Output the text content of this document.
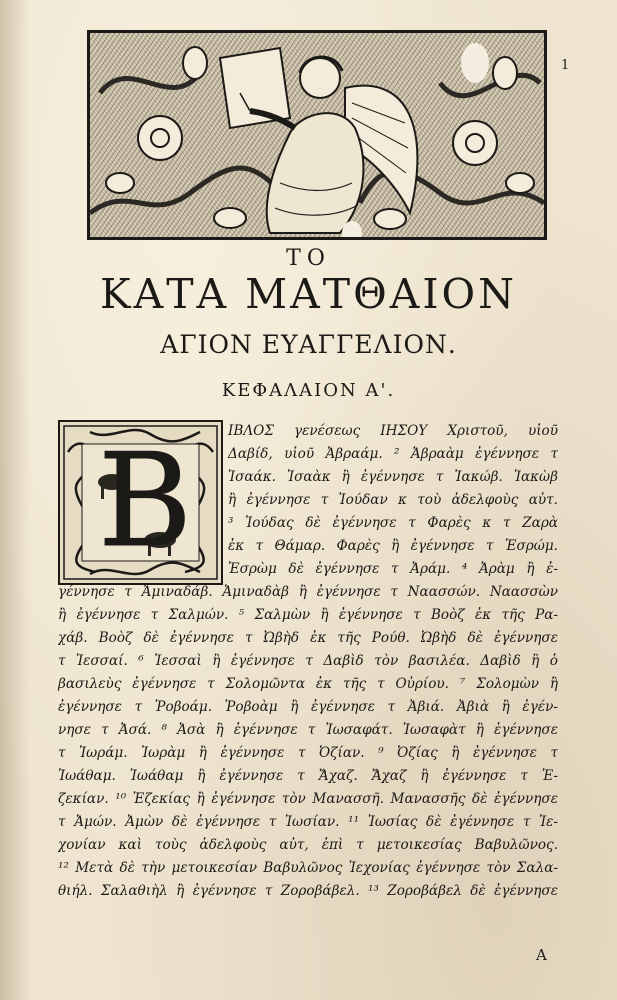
1
ΤΟ
ΚΑΤΑ ΜΑΤΘΑΙΟΝ
ΑΓΙΟΝ ΕΥΑΓΓΕΛΙΟΝ.
ΚΕΦΑΛΑΙΟΝ Α'.
B	ΙΒΛΟΣ γενέσεως ΙΗΣΟΥ Χριστοῦ, υἱοῦ
Δαβίδ, υἱοῦ Ἀβραάμ. ² Ἀβραὰμ ἐγέννησε τ
Ἰσαάκ. Ἰσαὰκ ἢ ἐγέννησε τ Ἰακώβ. Ἰακὼβ
ἢ ἐγέννησε τ Ἰούδαν κ τοὺ ἀδελφοὺς αὐτ.
³ Ἰούδας δὲ ἐγέννησε τ Φαρὲς κ τ Ζαρὰ
ἐκ τ Θάμαρ. Φαρὲς ἢ ἐγέννησε τ Ἐσρώμ.
Ἐσρὼμ δὲ ἐγέννησε τ Ἀράμ. ⁴ Ἀρὰμ ἢ ἐ-
γέννησε τ Ἀμιναδάβ. Ἀμιναδὰβ ἢ ἐγέννησε τ Ναασσών. Ναασσὼν
ἢ ἐγέννησε τ Σαλμών. ⁵ Σαλμὼν ἢ ἐγέννησε τ Βοὸζ ἐκ τῆς Ρα-
χάβ. Βοὸζ δὲ ἐγέννησε τ Ὠβὴδ ἐκ τῆς Ρούθ. Ὠβὴδ δὲ ἐγέννησε
τ Ἰεσσαί. ⁶ Ἰεσσαὶ ἢ ἐγέννησε τ Δαβὶδ τὸν βασιλέα. Δαβὶδ ἢ ὁ
βασιλεὺς ἐγέννησε τ Σολομῶντα ἐκ τῆς τ Οὐρίου. ⁷ Σολομὼν ἢ
ἐγέννησε τ Ῥοβοάμ. Ῥοβοὰμ ἢ ἐγέννησε τ Ἀβιά. Ἀβιὰ ἢ ἐγέν-
νησε τ Ἀσά. ⁸ Ἀσὰ ἢ ἐγέννησε τ Ἰωσαφάτ. Ἰωσαφὰτ ἢ ἐγέννησε
τ Ἰωράμ. Ἰωρὰμ ἢ ἐγέννησε τ Ὀζίαν. ⁹ Ὀζίας ἢ ἐγέννησε τ
Ἰωάθαμ. Ἰωάθαμ ἢ ἐγέννησε τ Ἄχαζ. Ἄχαζ ἢ ἐγέννησε τ Ἐ-
ζεκίαν. ¹⁰ Ἐζεκίας ἢ ἐγέννησε τὸν Μανασσῆ. Μανασσῆς δὲ ἐγέννησε
τ Ἀμών. Ἀμὼν δὲ ἐγέννησε τ Ἰωσίαν. ¹¹ Ἰωσίας δὲ ἐγέννησε τ Ἰε-
χονίαν καὶ τοὺς ἀδελφοὺς αὐτ, ἐπὶ τ μετοικεσίας Βαβυλῶνος.
¹² Μετὰ δὲ τὴν μετοικεσίαν Βαβυλῶνος Ἰεχονίας ἐγέννησε τὸν Σαλα-
θιήλ. Σαλαθιὴλ ἢ ἐγέννησε τ Ζοροβάβελ. ¹³ Ζοροβάβελ δὲ ἐγέννησε
A
